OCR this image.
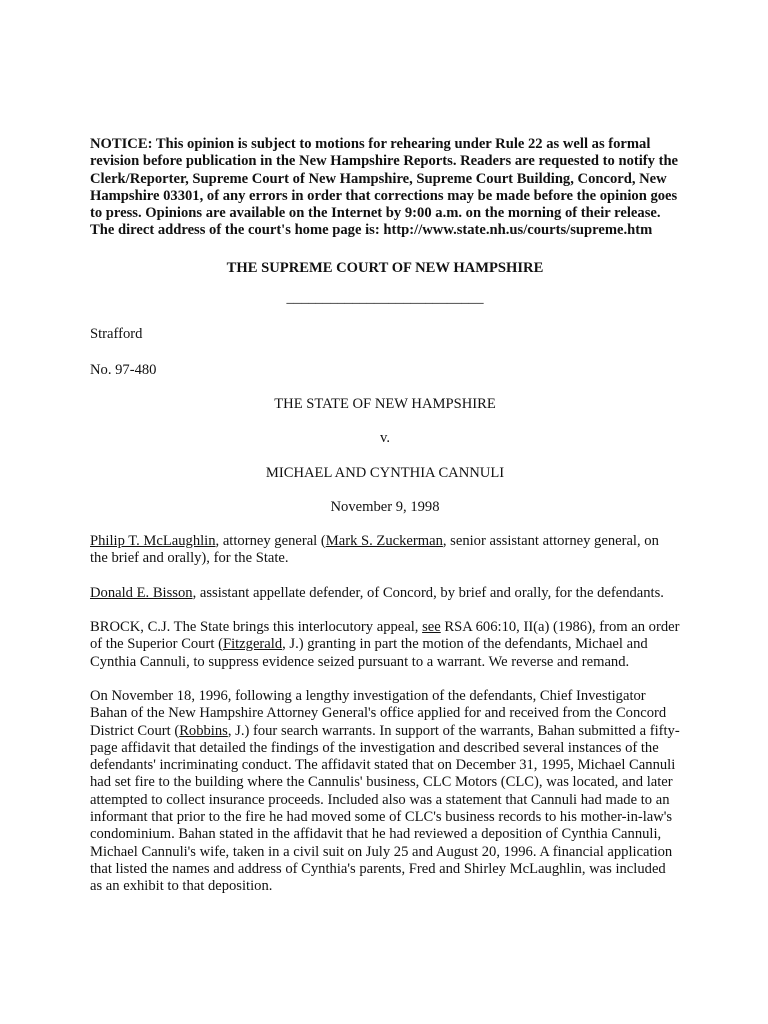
NOTICE: This opinion is subject to motions for rehearing under Rule 22 as well as formal revision before publication in the New Hampshire Reports. Readers are requested to notify the Clerk/Reporter, Supreme Court of New Hampshire, Supreme Court Building, Concord, New Hampshire 03301, of any errors in order that corrections may be made before the opinion goes to press. Opinions are available on the Internet by 9:00 a.m. on the morning of their release. The direct address of the court's home page is: http://www.state.nh.us/courts/supreme.htm

THE SUPREME COURT OF NEW HAMPSHIRE

___________________________

Strafford

No. 97-480

THE STATE OF NEW HAMPSHIRE

v.

MICHAEL AND CYNTHIA CANNULI

November 9, 1998

Philip T. McLaughlin, attorney general (Mark S. Zuckerman, senior assistant attorney general, on the brief and orally), for the State.

Donald E. Bisson, assistant appellate defender, of Concord, by brief and orally, for the defendants.

BROCK, C.J. The State brings this interlocutory appeal, see RSA 606:10, II(a) (1986), from an order of the Superior Court (Fitzgerald, J.) granting in part the motion of the defendants, Michael and Cynthia Cannuli, to suppress evidence seized pursuant to a warrant. We reverse and remand.

On November 18, 1996, following a lengthy investigation of the defendants, Chief Investigator Bahan of the New Hampshire Attorney General's office applied for and received from the Concord District Court (Robbins, J.) four search warrants. In support of the warrants, Bahan submitted a fifty-page affidavit that detailed the findings of the investigation and described several instances of the defendants' incriminating conduct. The affidavit stated that on December 31, 1995, Michael Cannuli had set fire to the building where the Cannulis' business, CLC Motors (CLC), was located, and later attempted to collect insurance proceeds. Included also was a statement that Cannuli had made to an informant that prior to the fire he had moved some of CLC's business records to his mother-in-law's condominium. Bahan stated in the affidavit that he had reviewed a deposition of Cynthia Cannuli, Michael Cannuli's wife, taken in a civil suit on July 25 and August 20, 1996. A financial application that listed the names and address of Cynthia's parents, Fred and Shirley McLaughlin, was included as an exhibit to that deposition.
